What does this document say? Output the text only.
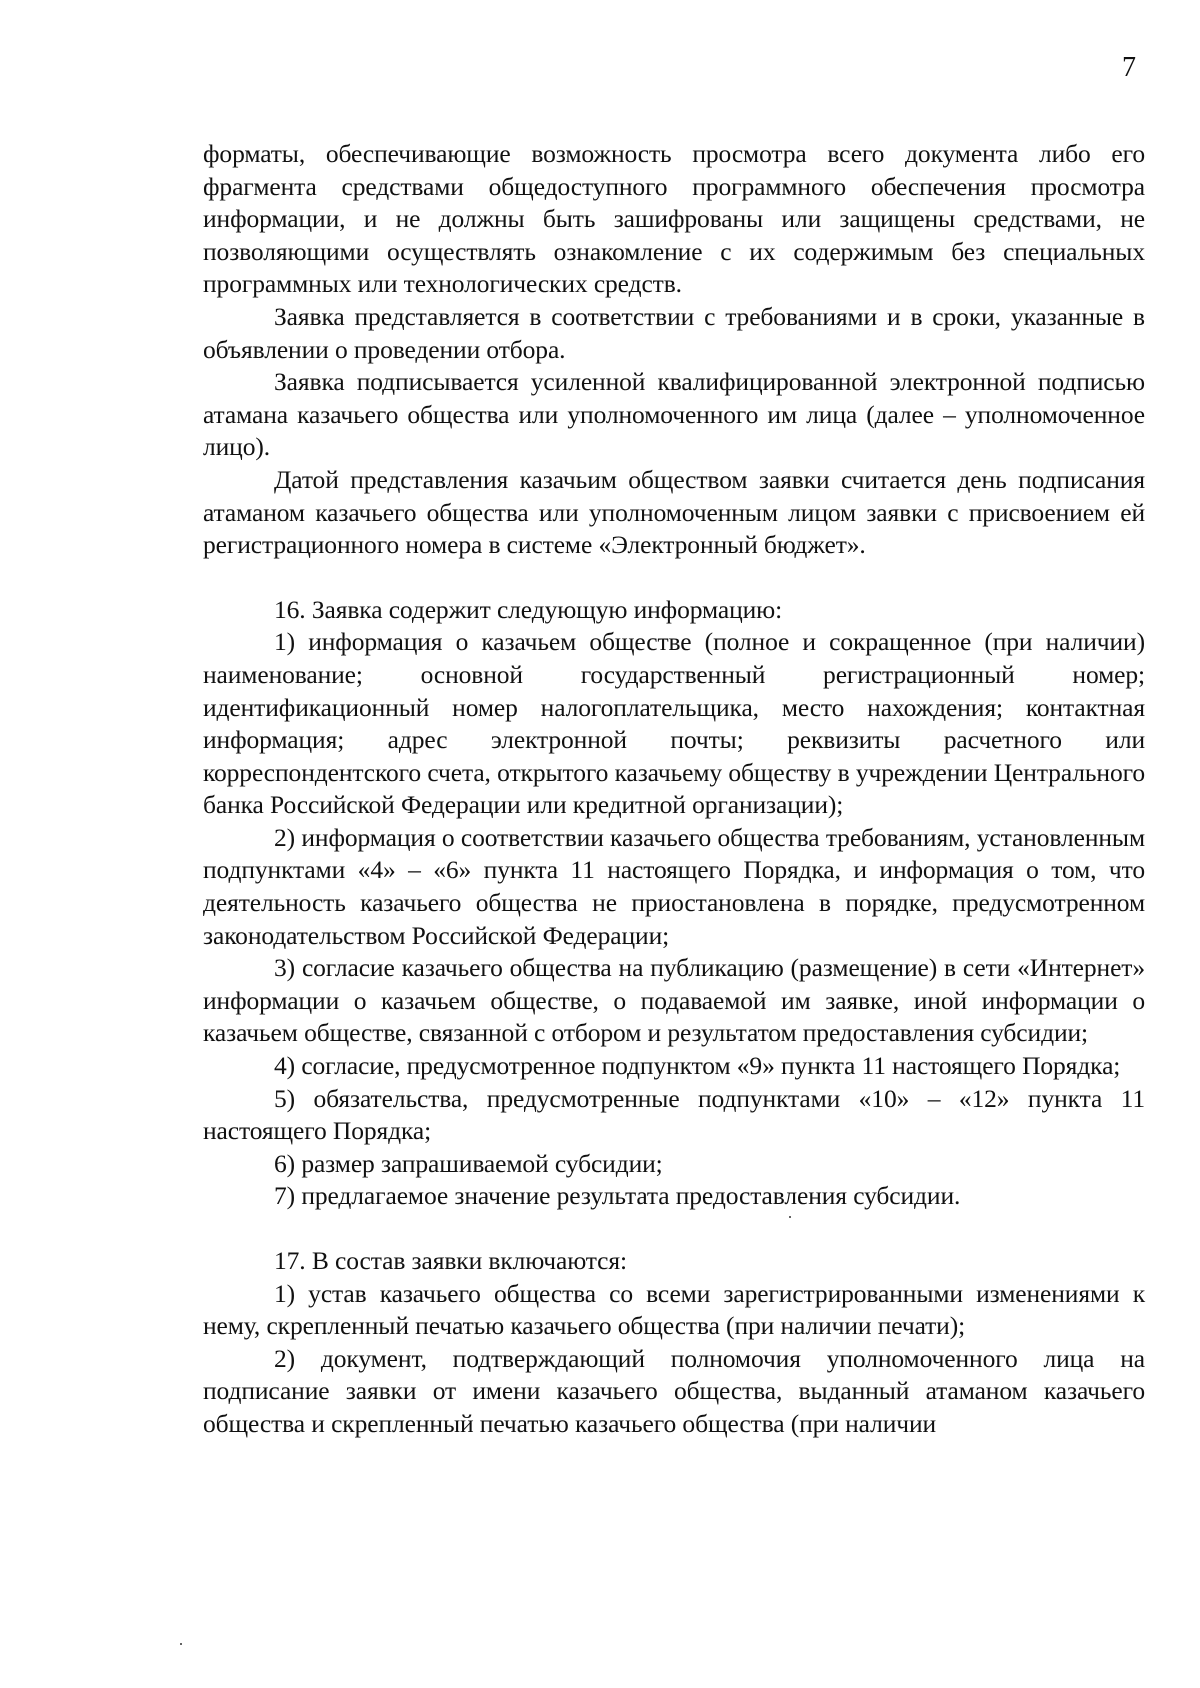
7

форматы, обеспечивающие возможность просмотра всего документа либо его фрагмента средствами общедоступного программного обеспечения просмотра информации, и не должны быть зашифрованы или защищены средствами, не позволяющими осуществлять ознакомление с их содержимым без специальных программных или технологических средств.

Заявка представляется в соответствии с требованиями и в сроки, указанные в объявлении о проведении отбора.

Заявка подписывается усиленной квалифицированной электронной подписью атамана казачьего общества или уполномоченного им лица (далее – уполномоченное лицо).

Датой представления казачьим обществом заявки считается день подписания атаманом казачьего общества или уполномоченным лицом заявки с присвоением ей регистрационного номера в системе «Электронный бюджет».

16. Заявка содержит следующую информацию:

1) информация о казачьем обществе (полное и сокращенное (при наличии) наименование; основной государственный регистрационный номер; идентификационный номер налогоплательщика, место нахождения; контактная информация; адрес электронной почты; реквизиты расчетного или корреспондентского счета, открытого казачьему обществу в учреждении Центрального банка Российской Федерации или кредитной организации);

2) информация о соответствии казачьего общества требованиям, установленным подпунктами «4» – «6» пункта 11 настоящего Порядка, и информация о том, что деятельность казачьего общества не приостановлена в порядке, предусмотренном законодательством Российской Федерации;

3) согласие казачьего общества на публикацию (размещение) в сети «Интернет» информации о казачьем обществе, о подаваемой им заявке, иной информации о казачьем обществе, связанной с отбором и результатом предоставления субсидии;

4) согласие, предусмотренное подпунктом «9» пункта 11 настоящего Порядка;

5) обязательства, предусмотренные подпунктами «10» – «12» пункта 11 настоящего Порядка;

6) размер запрашиваемой субсидии;

7) предлагаемое значение результата предоставления субсидии.

17. В состав заявки включаются:

1) устав казачьего общества со всеми зарегистрированными изменениями к нему, скрепленный печатью казачьего общества (при наличии печати);

2) документ, подтверждающий полномочия уполномоченного лица на подписание заявки от имени казачьего общества, выданный атаманом казачьего общества и скрепленный печатью казачьего общества (при наличии
